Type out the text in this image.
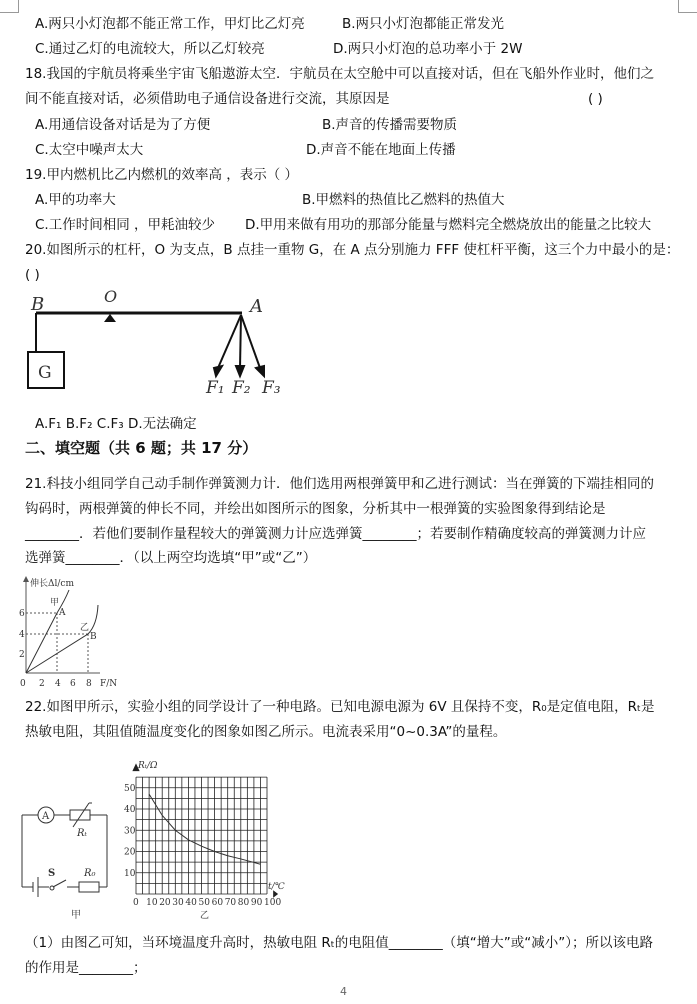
A.两只小灯泡都不能正常工作，甲灯比乙灯亮	B.两只小灯泡都能正常发光
C.通过乙灯的电流较大，所以乙灯较亮	D.两只小灯泡的总功率小于 2W
18.我国的宇航员将乘坐宇宙飞船遨游太空．宇航员在太空舱中可以直接对话，但在飞船外作业时，他们之
间不能直接对话，必须借助电子通信设备进行交流，其原因是	( )
A.用通信设备对话是为了方便	B.声音的传播需要物质
C.太空中噪声太大	D.声音不能在地面上传播
19.甲内燃机比乙内燃机的效率高 ，表示（ ）
A.甲的功率大	B.甲燃料的热值比乙燃料的热值大
C.工作时间相同 ，甲耗油较少 D.甲用来做有用功的那部分能量与燃料完全燃烧放出的能量之比较大
20.如图所示的杠杆，O 为支点，B 点挂一重物 G，在 A 点分别施力 FFF 使杠杆平衡，这三个力中最小的是：
( )
B	O	A
G
F₁ F₂ F₃
A.F₁ B.F₂ C.F₃ D.无法确定
二、填空题（共 6 题；共 17 分）
21.科技小组同学自己动手制作弹簧测力计．他们选用两根弹簧甲和乙进行测试：当在弹簧的下端挂相同的
钩码时，两根弹簧的伸长不同，并绘出如图所示的图象，分析其中一根弹簧的实验图象得到结论是
________．若他们要制作量程较大的弹簧测力计应选弹簧________；若要制作精确度较高的弹簧测力计应
选弹簧________．（以上两空均选填“甲”或“乙”）
伸长Δl/cm
F/N
0 2 4 6 8
2
4
6
甲
A
乙
B
22.如图甲所示，实验小组的同学设计了一种电路。已知电源电源为 6V 且保持不变，R₀是定值电阻，Rₜ是
热敏电阻，其阻值随温度变化的图象如图乙所示。电流表采用“0~0.3A”的量程。
A
Rₜ
S	R₀
甲
Rₜ/Ω
t/℃
乙
0 10 20 30 40 50 60 70 80 90 100
10
20
30
40
50
（1）由图乙可知，当环境温度升高时，热敏电阻 Rₜ的电阻值________（填“增大”或“减小”）；所以该电路
的作用是________；
4
